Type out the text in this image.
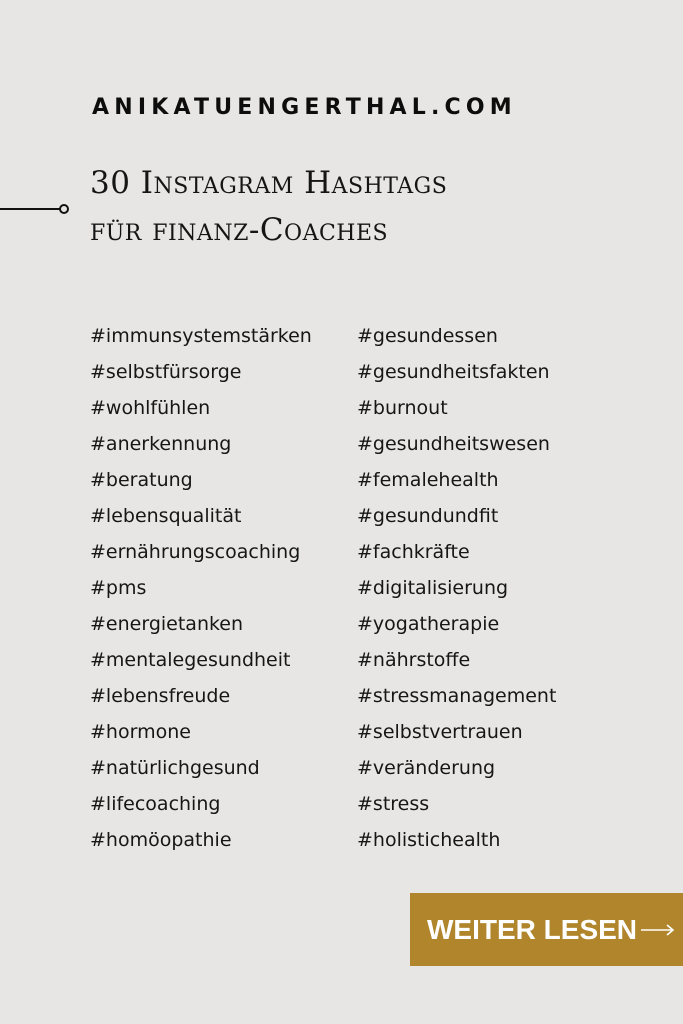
ANIKATUENGERTHAL.COM
30 Instagram Hashtags
für finanz-Coaches
#immunsystemstärken
#selbstfürsorge
#wohlfühlen
#anerkennung
#beratung
#lebensqualität
#ernährungscoaching
#pms
#energietanken
#mentalegesundheit
#lebensfreude
#hormone
#natürlichgesund
#lifecoaching
#homöopathie
#gesundessen
#gesundheitsfakten
#burnout
#gesundheitswesen
#femalehealth
#gesundundfit
#fachkräfte
#digitalisierung
#yogatherapie
#nährstoffe
#stressmanagement
#selbstvertrauen
#veränderung
#stress
#holistichealth
WEITER LESEN
